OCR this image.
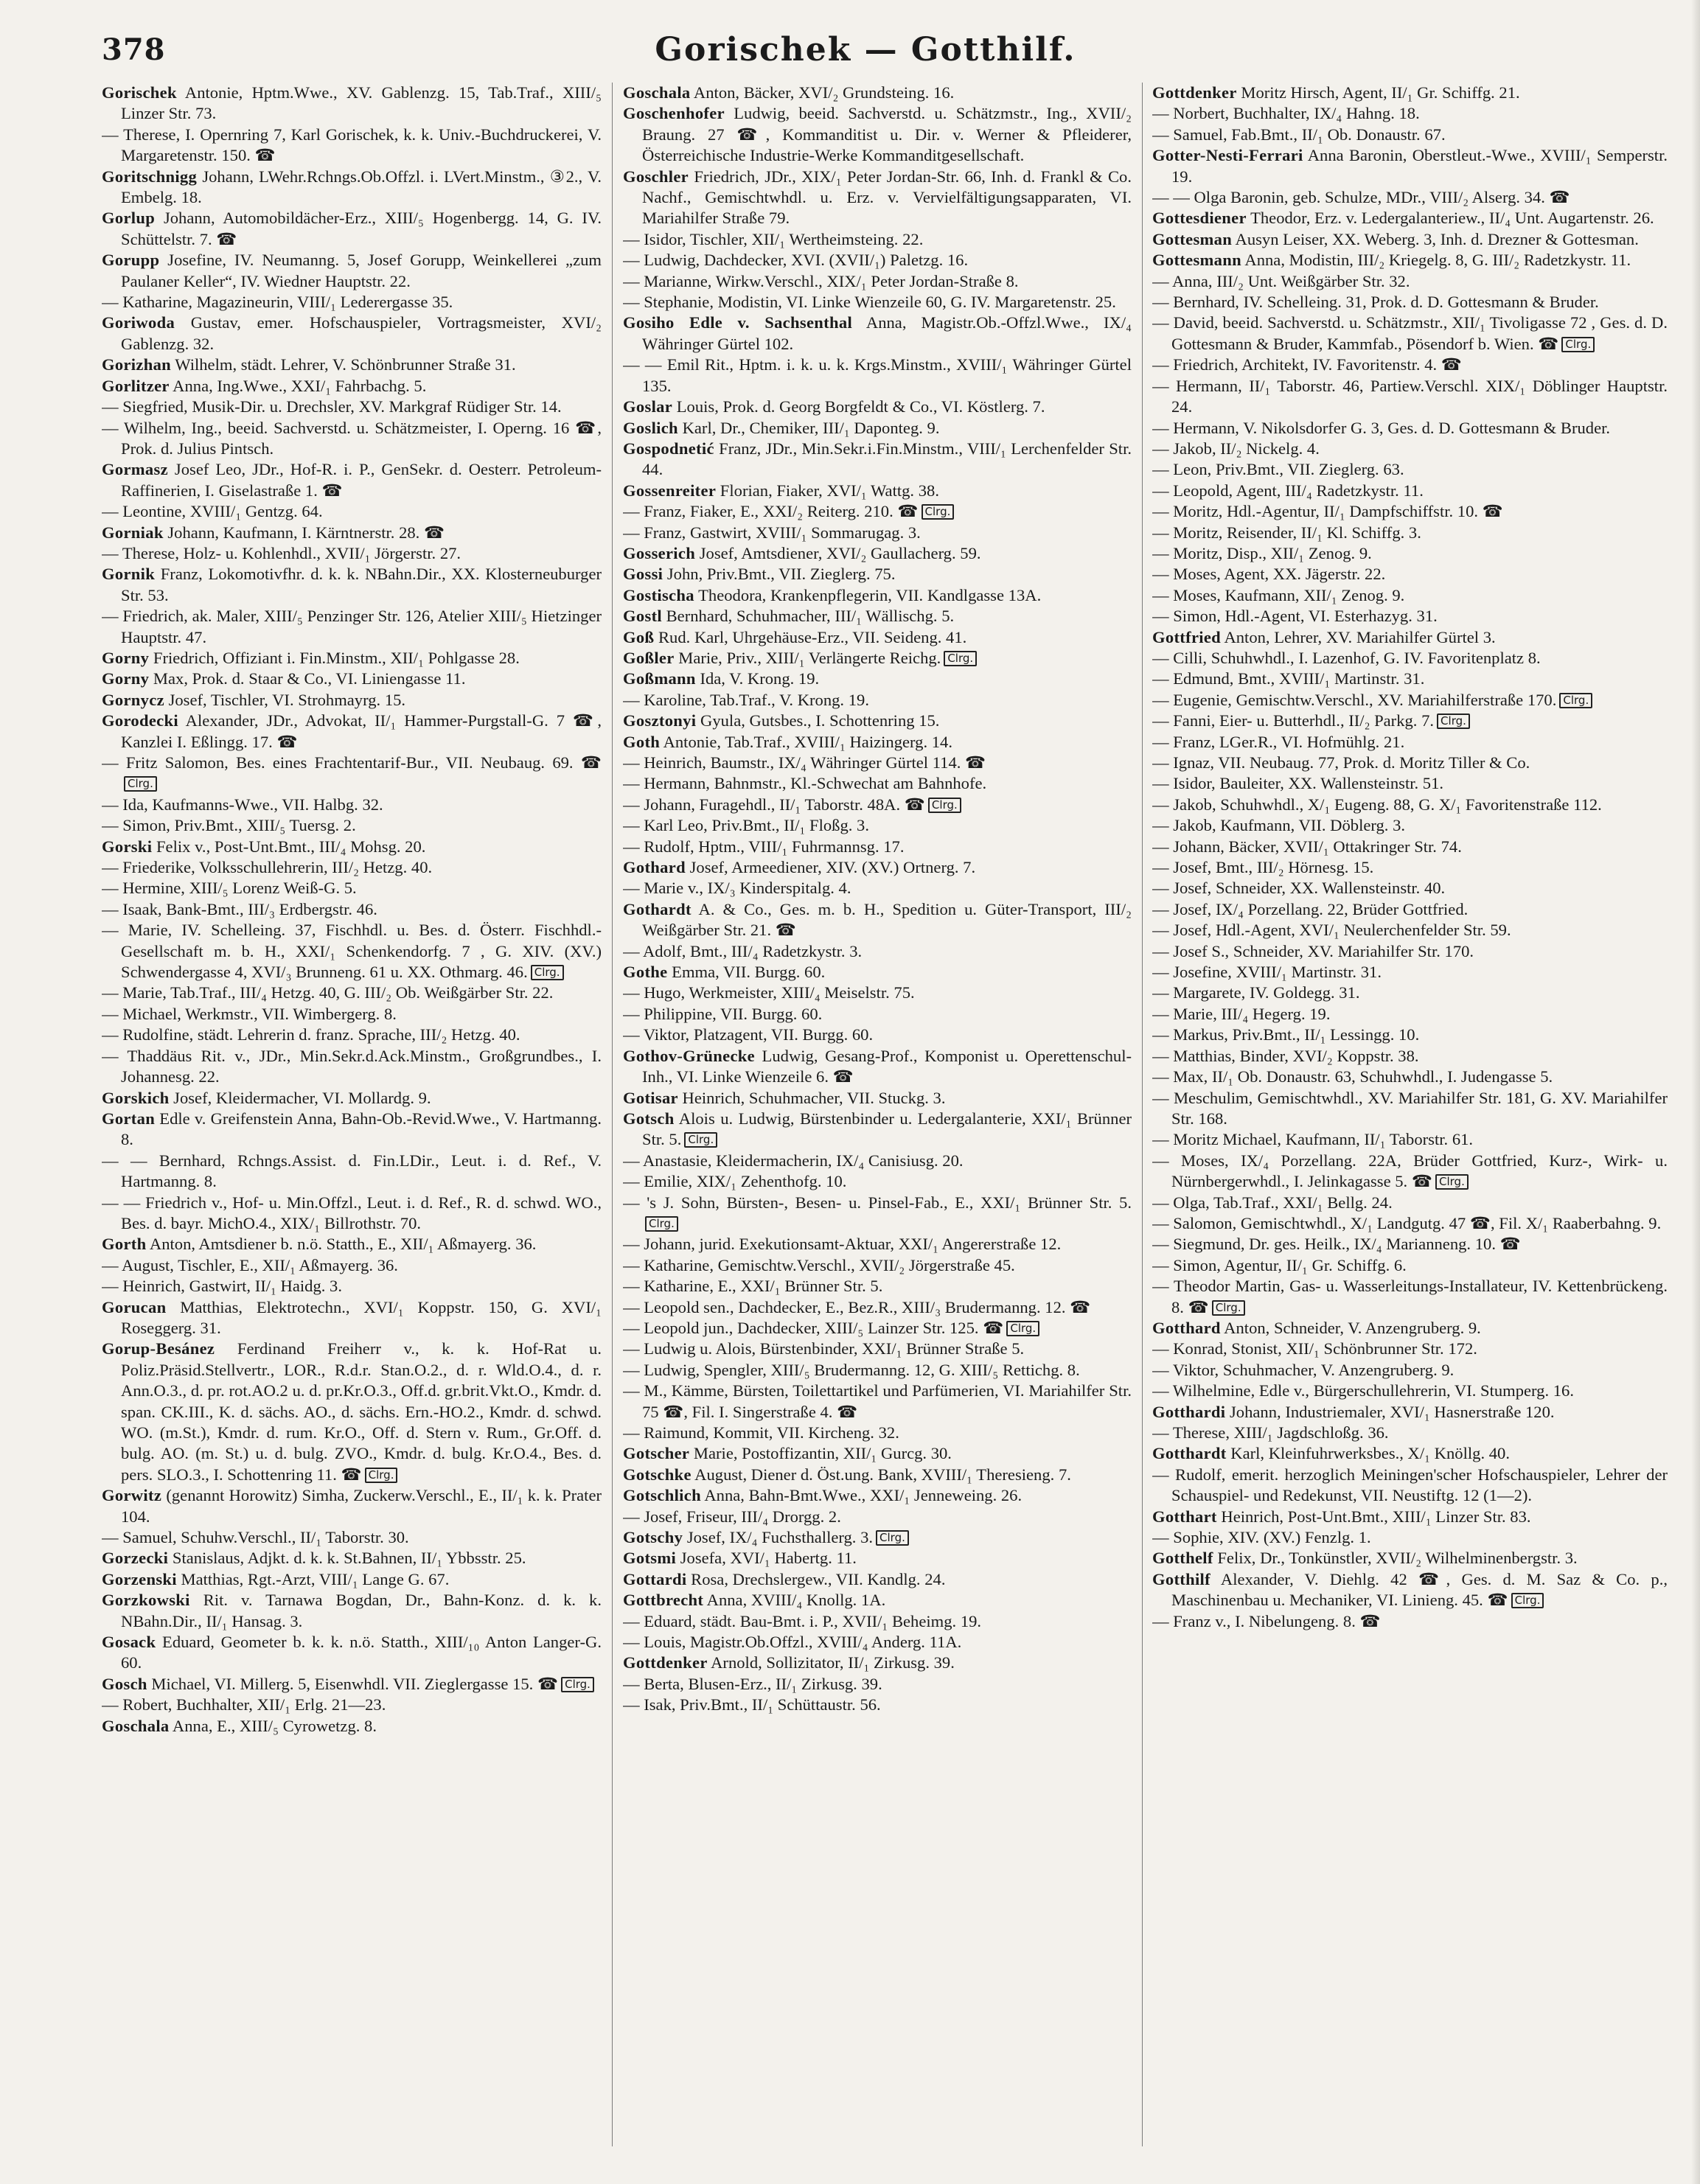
378	Gorischek — Gotthilf.

Gorischek Antonie, Hptm.Wwe., XV. Gablenzg. 15, Tab.Traf., XIII/₅ Linzer Str. 73.

— Therese, I. Opernring 7, Karl Gorischek, k. k. Univ.-Buchdruckerei, V. Margaretenstr. 150. ☎

Goritschnigg Johann, LWehr.Rchngs.Ob.Offzl. i. LVert.Minstm., ③2., V. Embelg. 18.

Gorlup Johann, Automobildächer-Erz., XIII/₅ Hogenbergg. 14, G. IV. Schüttelstr. 7. ☎

Gorupp Josefine, IV. Neumanng. 5, Josef Gorupp, Weinkellerei „zum Paulaner Keller“, IV. Wiedner Hauptstr. 22.

— Katharine, Magazineurin, VIII/₁ Lederergasse 35.

Goriwoda Gustav, emer. Hofschauspieler, Vortragsmeister, XVI/₂ Gablenzg. 32.

Gorizhan Wilhelm, städt. Lehrer, V. Schönbrunner Straße 31.

Gorlitzer Anna, Ing.Wwe., XXI/₁ Fahrbachg. 5.

— Siegfried, Musik-Dir. u. Drechsler, XV. Markgraf Rüdiger Str. 14.

— Wilhelm, Ing., beeid. Sachverstd. u. Schätzmeister, I. Operng. 16 ☎, Prok. d. Julius Pintsch.

Gormasz Josef Leo, JDr., Hof-R. i. P., GenSekr. d. Oesterr. Petroleum-Raffinerien, I. Giselastraße 1. ☎

— Leontine, XVIII/₁ Gentzg. 64.

Gorniak Johann, Kaufmann, I. Kärntnerstr. 28. ☎

— Therese, Holz- u. Kohlenhdl., XVII/₁ Jörgerstr. 27.

Gornik Franz, Lokomotivfhr. d. k. k. NBahn.Dir., XX. Klosterneuburger Str. 53.

— Friedrich, ak. Maler, XIII/₅ Penzinger Str. 126, Atelier XIII/₅ Hietzinger Hauptstr. 47.

Gorny Friedrich, Offiziant i. Fin.Minstm., XII/₁ Pohlgasse 28.

Gorny Max, Prok. d. Staar & Co., VI. Liniengasse 11.

Gornycz Josef, Tischler, VI. Strohmayrg. 15.

Gorodecki Alexander, JDr., Advokat, II/₁ Hammer-Purgstall-G. 7 ☎, Kanzlei I. Eßlingg. 17. ☎

— Fritz Salomon, Bes. eines Frachtentarif-Bur., VII. Neubaug. 69. ☎Clrg.

— Ida, Kaufmanns-Wwe., VII. Halbg. 32.

— Simon, Priv.Bmt., XIII/₅ Tuersg. 2.

Gorski Felix v., Post-Unt.Bmt., III/₄ Mohsg. 20.

— Friederike, Volksschullehrerin, III/₂ Hetzg. 40.

— Hermine, XIII/₅ Lorenz Weiß-G. 5.

— Isaak, Bank-Bmt., III/₃ Erdbergstr. 46.

— Marie, IV. Schelleing. 37, Fischhdl. u. Bes. d. Österr. Fischhdl.-Gesellschaft m. b. H., XXI/₁ Schenkendorfg. 7 , G. XIV. (XV.) Schwendergasse 4, XVI/₃ Brunneng. 61 u. XX. Othmarg. 46. Clrg.

— Marie, Tab.Traf., III/₄ Hetzg. 40, G. III/₂ Ob. Weißgärber Str. 22.

— Michael, Werkmstr., VII. Wimbergerg. 8.

— Rudolfine, städt. Lehrerin d. franz. Sprache, III/₂ Hetzg. 40.

— Thaddäus Rit. v., JDr., Min.Sekr.d.Ack.Minstm., Großgrundbes., I. Johannesg. 22.

Gorskich Josef, Kleidermacher, VI. Mollardg. 9.

Gortan Edle v. Greifenstein Anna, Bahn-Ob.-Revid.Wwe., V. Hartmanng. 8.

— — Bernhard, Rchngs.Assist. d. Fin.LDir., Leut. i. d. Ref., V. Hartmanng. 8.

— — Friedrich v., Hof- u. Min.Offzl., Leut. i. d. Ref., R. d. schwd. WO., Bes. d. bayr. MichO.4., XIX/₁ Billrothstr. 70.

Gorth Anton, Amtsdiener b. n.ö. Statth., E., XII/₁ Aßmayerg. 36.

— August, Tischler, E., XII/₁ Aßmayerg. 36.

— Heinrich, Gastwirt, II/₁ Haidg. 3.

Gorucan Matthias, Elektrotechn., XVI/₁ Koppstr. 150, G. XVI/₁ Roseggerg. 31.

Gorup-Besánez Ferdinand Freiherr v., k. k. Hof-Rat u. Poliz.Präsid.Stellvertr., LOR., R.d.r. Stan.O.2., d. r. Wld.O.4., d. r. Ann.O.3., d. pr. rot.AO.2 u. d. pr.Kr.O.3., Off.d. gr.brit.Vkt.O., Kmdr. d. span. CK.III., K. d. sächs. AO., d. sächs. Ern.-HO.2., Kmdr. d. schwd. WO. (m.St.), Kmdr. d. rum. Kr.O., Off. d. Stern v. Rum., Gr.Off. d. bulg. AO. (m. St.) u. d. bulg. ZVO., Kmdr. d. bulg. Kr.O.4., Bes. d. pers. SLO.3., I. Schottenring 11. ☎ Clrg.

Gorwitz (genannt Horowitz) Simha, Zuckerw.Verschl., E., II/₁ k. k. Prater 104.

— Samuel, Schuhw.Verschl., II/₁ Taborstr. 30.

Gorzecki Stanislaus, Adjkt. d. k. k. St.Bahnen, II/₁ Ybbsstr. 25.

Gorzenski Matthias, Rgt.-Arzt, VIII/₁ Lange G. 67.

Gorzkowski Rit. v. Tarnawa Bogdan, Dr., Bahn-Konz. d. k. k. NBahn.Dir., II/₁ Hansag. 3.

Gosack Eduard, Geometer b. k. k. n.ö. Statth., XIII/₁₀ Anton Langer-G. 60.

Gosch Michael, VI. Millerg. 5, Eisenwhdl. VII. Zieglergasse 15. ☎ Clrg.

— Robert, Buchhalter, XII/₁ Erlg. 21—23.

Goschala Anna, E., XIII/₅ Cyrowetzg. 8.

Goschala Anton, Bäcker, XVI/₂ Grundsteing. 16.

Goschenhofer Ludwig, beeid. Sachverstd. u. Schätzmstr., Ing., XVII/₂ Braung. 27 ☎, Kommanditist u. Dir. v. Werner & Pfleiderer, Österreichische Industrie-Werke Kommanditgesellschaft.

Goschler Friedrich, JDr., XIX/₁ Peter Jordan-Str. 66, Inh. d. Frankl & Co. Nachf., Gemischtwhdl. u. Erz. v. Vervielfältigungsapparaten, VI. Mariahilfer Straße 79.

— Isidor, Tischler, XII/₁ Wertheimsteing. 22.

— Ludwig, Dachdecker, XVI. (XVII/₁) Paletzg. 16.

— Marianne, Wirkw.Verschl., XIX/₁ Peter Jordan-Straße 8.

— Stephanie, Modistin, VI. Linke Wienzeile 60, G. IV. Margaretenstr. 25.

Gosiho Edle v. Sachsenthal Anna, Magistr.Ob.-Offzl.Wwe., IX/₄ Währinger Gürtel 102.

— — Emil Rit., Hptm. i. k. u. k. Krgs.Minstm., XVIII/₁ Währinger Gürtel 135.

Goslar Louis, Prok. d. Georg Borgfeldt & Co., VI. Köstlerg. 7.

Goslich Karl, Dr., Chemiker, III/₁ Daponteg. 9.

Gospodnetić Franz, JDr., Min.Sekr.i.Fin.Minstm., VIII/₁ Lerchenfelder Str. 44.

Gossenreiter Florian, Fiaker, XVI/₁ Wattg. 38.

— Franz, Fiaker, E., XXI/₂ Reiterg. 210. ☎ Clrg.

— Franz, Gastwirt, XVIII/₁ Sommarugag. 3.

Gosserich Josef, Amtsdiener, XVI/₂ Gaullacherg. 59.

Gossi John, Priv.Bmt., VII. Zieglerg. 75.

Gostischa Theodora, Krankenpflegerin, VII. Kandlgasse 13A.

Gostl Bernhard, Schuhmacher, III/₁ Wällischg. 5.

Goß Rud. Karl, Uhrgehäuse-Erz., VII. Seideng. 41.

Goßler Marie, Priv., XIII/₁ Verlängerte Reichg. Clrg.

Goßmann Ida, V. Krong. 19.

— Karoline, Tab.Traf., V. Krong. 19.

Gosztonyi Gyula, Gutsbes., I. Schottenring 15.

Goth Antonie, Tab.Traf., XVIII/₁ Haizingerg. 14.

— Heinrich, Baumstr., IX/₄ Währinger Gürtel 114. ☎

— Hermann, Bahnmstr., Kl.-Schwechat am Bahnhofe.

— Johann, Furagehdl., II/₁ Taborstr. 48A. ☎ Clrg.

— Karl Leo, Priv.Bmt., II/₁ Floßg. 3.

— Rudolf, Hptm., VIII/₁ Fuhrmannsg. 17.

Gothard Josef, Armeediener, XIV. (XV.) Ortnerg. 7.

— Marie v., IX/₃ Kinderspitalg. 4.

Gothardt A. & Co., Ges. m. b. H., Spedition u. Güter-Transport, III/₂ Weißgärber Str. 21. ☎

— Adolf, Bmt., III/₄ Radetzkystr. 3.

Gothe Emma, VII. Burgg. 60.

— Hugo, Werkmeister, XIII/₄ Meiselstr. 75.

— Philippine, VII. Burgg. 60.

— Viktor, Platzagent, VII. Burgg. 60.

Gothov-Grünecke Ludwig, Gesang-Prof., Komponist u. Operettenschul-Inh., VI. Linke Wienzeile 6. ☎

Gotisar Heinrich, Schuhmacher, VII. Stuckg. 3.

Gotsch Alois u. Ludwig, Bürstenbinder u. Ledergalanterie, XXI/₁ Brünner Str. 5. Clrg.

— Anastasie, Kleidermacherin, IX/₄ Canisiusg. 20.

— Emilie, XIX/₁ Zehenthofg. 10.

— 's J. Sohn, Bürsten-, Besen- u. Pinsel-Fab., E., XXI/₁ Brünner Str. 5.Clrg.

— Johann, jurid. Exekutionsamt-Aktuar, XXI/₁ Angererstraße 12.

— Katharine, Gemischtw.Verschl., XVII/₂ Jörgerstraße 45.

— Katharine, E., XXI/₁ Brünner Str. 5.

— Leopold sen., Dachdecker, E., Bez.R., XIII/₃ Brudermanng. 12. ☎

— Leopold jun., Dachdecker, XIII/₅ Lainzer Str. 125. ☎ Clrg.

— Ludwig u. Alois, Bürstenbinder, XXI/₁ Brünner Straße 5.

— Ludwig, Spengler, XIII/₅ Brudermanng. 12, G. XIII/₅ Rettichg. 8.

— M., Kämme, Bürsten, Toilettartikel und Parfümerien, VI. Mariahilfer Str. 75 ☎, Fil. I. Singerstraße 4. ☎

— Raimund, Kommit, VII. Kircheng. 32.

Gotscher Marie, Postoffizantin, XII/₁ Gurcg. 30.

Gotschke August, Diener d. Öst.ung. Bank, XVIII/₁ Theresieng. 7.

Gotschlich Anna, Bahn-Bmt.Wwe., XXI/₁ Jenneweing. 26.

— Josef, Friseur, III/₄ Drorgg. 2.

Gotschy Josef, IX/₄ Fuchsthallerg. 3. Clrg.

Gotsmi Josefa, XVI/₁ Habertg. 11.

Gottardi Rosa, Drechslergew., VII. Kandlg. 24.

Gottbrecht Anna, XVIII/₄ Knollg. 1A.

— Eduard, städt. Bau-Bmt. i. P., XVII/₁ Beheimg. 19.

— Louis, Magistr.Ob.Offzl., XVIII/₄ Anderg. 11A.

Gottdenker Arnold, Sollizitator, II/₁ Zirkusg. 39.

— Berta, Blusen-Erz., II/₁ Zirkusg. 39.

— Isak, Priv.Bmt., II/₁ Schüttaustr. 56.

Gottdenker Moritz Hirsch, Agent, II/₁ Gr. Schiffg. 21.

— Norbert, Buchhalter, IX/₄ Hahng. 18.

— Samuel, Fab.Bmt., II/₁ Ob. Donaustr. 67.

Gotter-Nesti-Ferrari Anna Baronin, Oberstleut.-Wwe., XVIII/₁ Semperstr. 19.

— — Olga Baronin, geb. Schulze, MDr., VIII/₂ Alserg. 34. ☎

Gottesdiener Theodor, Erz. v. Ledergalanteriew., II/₄ Unt. Augartenstr. 26.

Gottesman Ausyn Leiser, XX. Weberg. 3, Inh. d. Drezner & Gottesman.

Gottesmann Anna, Modistin, III/₂ Kriegelg. 8, G. III/₂ Radetzkystr. 11.

— Anna, III/₂ Unt. Weißgärber Str. 32.

— Bernhard, IV. Schelleing. 31, Prok. d. D. Gottesmann & Bruder.

— David, beeid. Sachverstd. u. Schätzmstr., XII/₁ Tivoligasse 72 , Ges. d. D. Gottesmann & Bruder, Kammfab., Pösendorf b. Wien. ☎ Clrg.

— Friedrich, Architekt, IV. Favoritenstr. 4. ☎

— Hermann, II/₁ Taborstr. 46, Partiew.Verschl. XIX/₁ Döblinger Hauptstr. 24.

— Hermann, V. Nikolsdorfer G. 3, Ges. d. D. Gottesmann & Bruder.

— Jakob, II/₂ Nickelg. 4.

— Leon, Priv.Bmt., VII. Zieglerg. 63.

— Leopold, Agent, III/₄ Radetzkystr. 11.

— Moritz, Hdl.-Agentur, II/₁ Dampfschiffstr. 10. ☎

— Moritz, Reisender, II/₁ Kl. Schiffg. 3.

— Moritz, Disp., XII/₁ Zenog. 9.

— Moses, Agent, XX. Jägerstr. 22.

— Moses, Kaufmann, XII/₁ Zenog. 9.

— Simon, Hdl.-Agent, VI. Esterhazyg. 31.

Gottfried Anton, Lehrer, XV. Mariahilfer Gürtel 3.

— Cilli, Schuhwhdl., I. Lazenhof, G. IV. Favoritenplatz 8.

— Edmund, Bmt., XVIII/₁ Martinstr. 31.

— Eugenie, Gemischtw.Verschl., XV. Mariahilferstraße 170. Clrg.

— Fanni, Eier- u. Butterhdl., II/₂ Parkg. 7. Clrg.

— Franz, LGer.R., VI. Hofmühlg. 21.

— Ignaz, VII. Neubaug. 77, Prok. d. Moritz Tiller & Co.

— Isidor, Bauleiter, XX. Wallensteinstr. 51.

— Jakob, Schuhwhdl., X/₁ Eugeng. 88, G. X/₁ Favoritenstraße 112.

— Jakob, Kaufmann, VII. Döblerg. 3.

— Johann, Bäcker, XVII/₁ Ottakringer Str. 74.

— Josef, Bmt., III/₂ Hörnesg. 15.

— Josef, Schneider, XX. Wallensteinstr. 40.

— Josef, IX/₄ Porzellang. 22, Brüder Gottfried.

— Josef, Hdl.-Agent, XVI/₁ Neulerchenfelder Str. 59.

— Josef S., Schneider, XV. Mariahilfer Str. 170.

— Josefine, XVIII/₁ Martinstr. 31.

— Margarete, IV. Goldegg. 31.

— Marie, III/₄ Hegerg. 19.

— Markus, Priv.Bmt., II/₁ Lessingg. 10.

— Matthias, Binder, XVI/₂ Koppstr. 38.

— Max, II/₁ Ob. Donaustr. 63, Schuhwhdl., I. Judengasse 5.

— Meschulim, Gemischtwhdl., XV. Mariahilfer Str. 181, G. XV. Mariahilfer Str. 168.

— Moritz Michael, Kaufmann, II/₁ Taborstr. 61.

— Moses, IX/₄ Porzellang. 22A, Brüder Gottfried, Kurz-, Wirk- u. Nürnbergerwhdl., I. Jelinkagasse 5. ☎ Clrg.

— Olga, Tab.Traf., XXI/₁ Bellg. 24.

— Salomon, Gemischtwhdl., X/₁ Landgutg. 47 ☎, Fil. X/₁ Raaberbahng. 9.

— Siegmund, Dr. ges. Heilk., IX/₄ Marianneng. 10. ☎

— Simon, Agentur, II/₁ Gr. Schiffg. 6.

— Theodor Martin, Gas- u. Wasserleitungs-Installateur, IV. Kettenbrückeng. 8. ☎ Clrg.

Gotthard Anton, Schneider, V. Anzengruberg. 9.

— Konrad, Stonist, XII/₁ Schönbrunner Str. 172.

— Viktor, Schuhmacher, V. Anzengruberg. 9.

— Wilhelmine, Edle v., Bürgerschullehrerin, VI. Stumperg. 16.

Gotthardi Johann, Industriemaler, XVI/₁ Hasnerstraße 120.

— Therese, XIII/₁ Jagdschloßg. 36.

Gotthardt Karl, Kleinfuhrwerksbes., X/₁ Knöllg. 40.

— Rudolf, emerit. herzoglich Meiningen'scher Hofschauspieler, Lehrer der Schauspiel- und Redekunst, VII. Neustiftg. 12 (1—2).

Gotthart Heinrich, Post-Unt.Bmt., XIII/₁ Linzer Str. 83.

— Sophie, XIV. (XV.) Fenzlg. 1.

Gotthelf Felix, Dr., Tonkünstler, XVII/₂ Wilhelminenbergstr. 3.

Gotthilf Alexander, V. Diehlg. 42 ☎, Ges. d. M. Saz & Co. p., Maschinenbau u. Mechaniker, VI. Linieng. 45. ☎ Clrg.

— Franz v., I. Nibelungeng. 8. ☎
